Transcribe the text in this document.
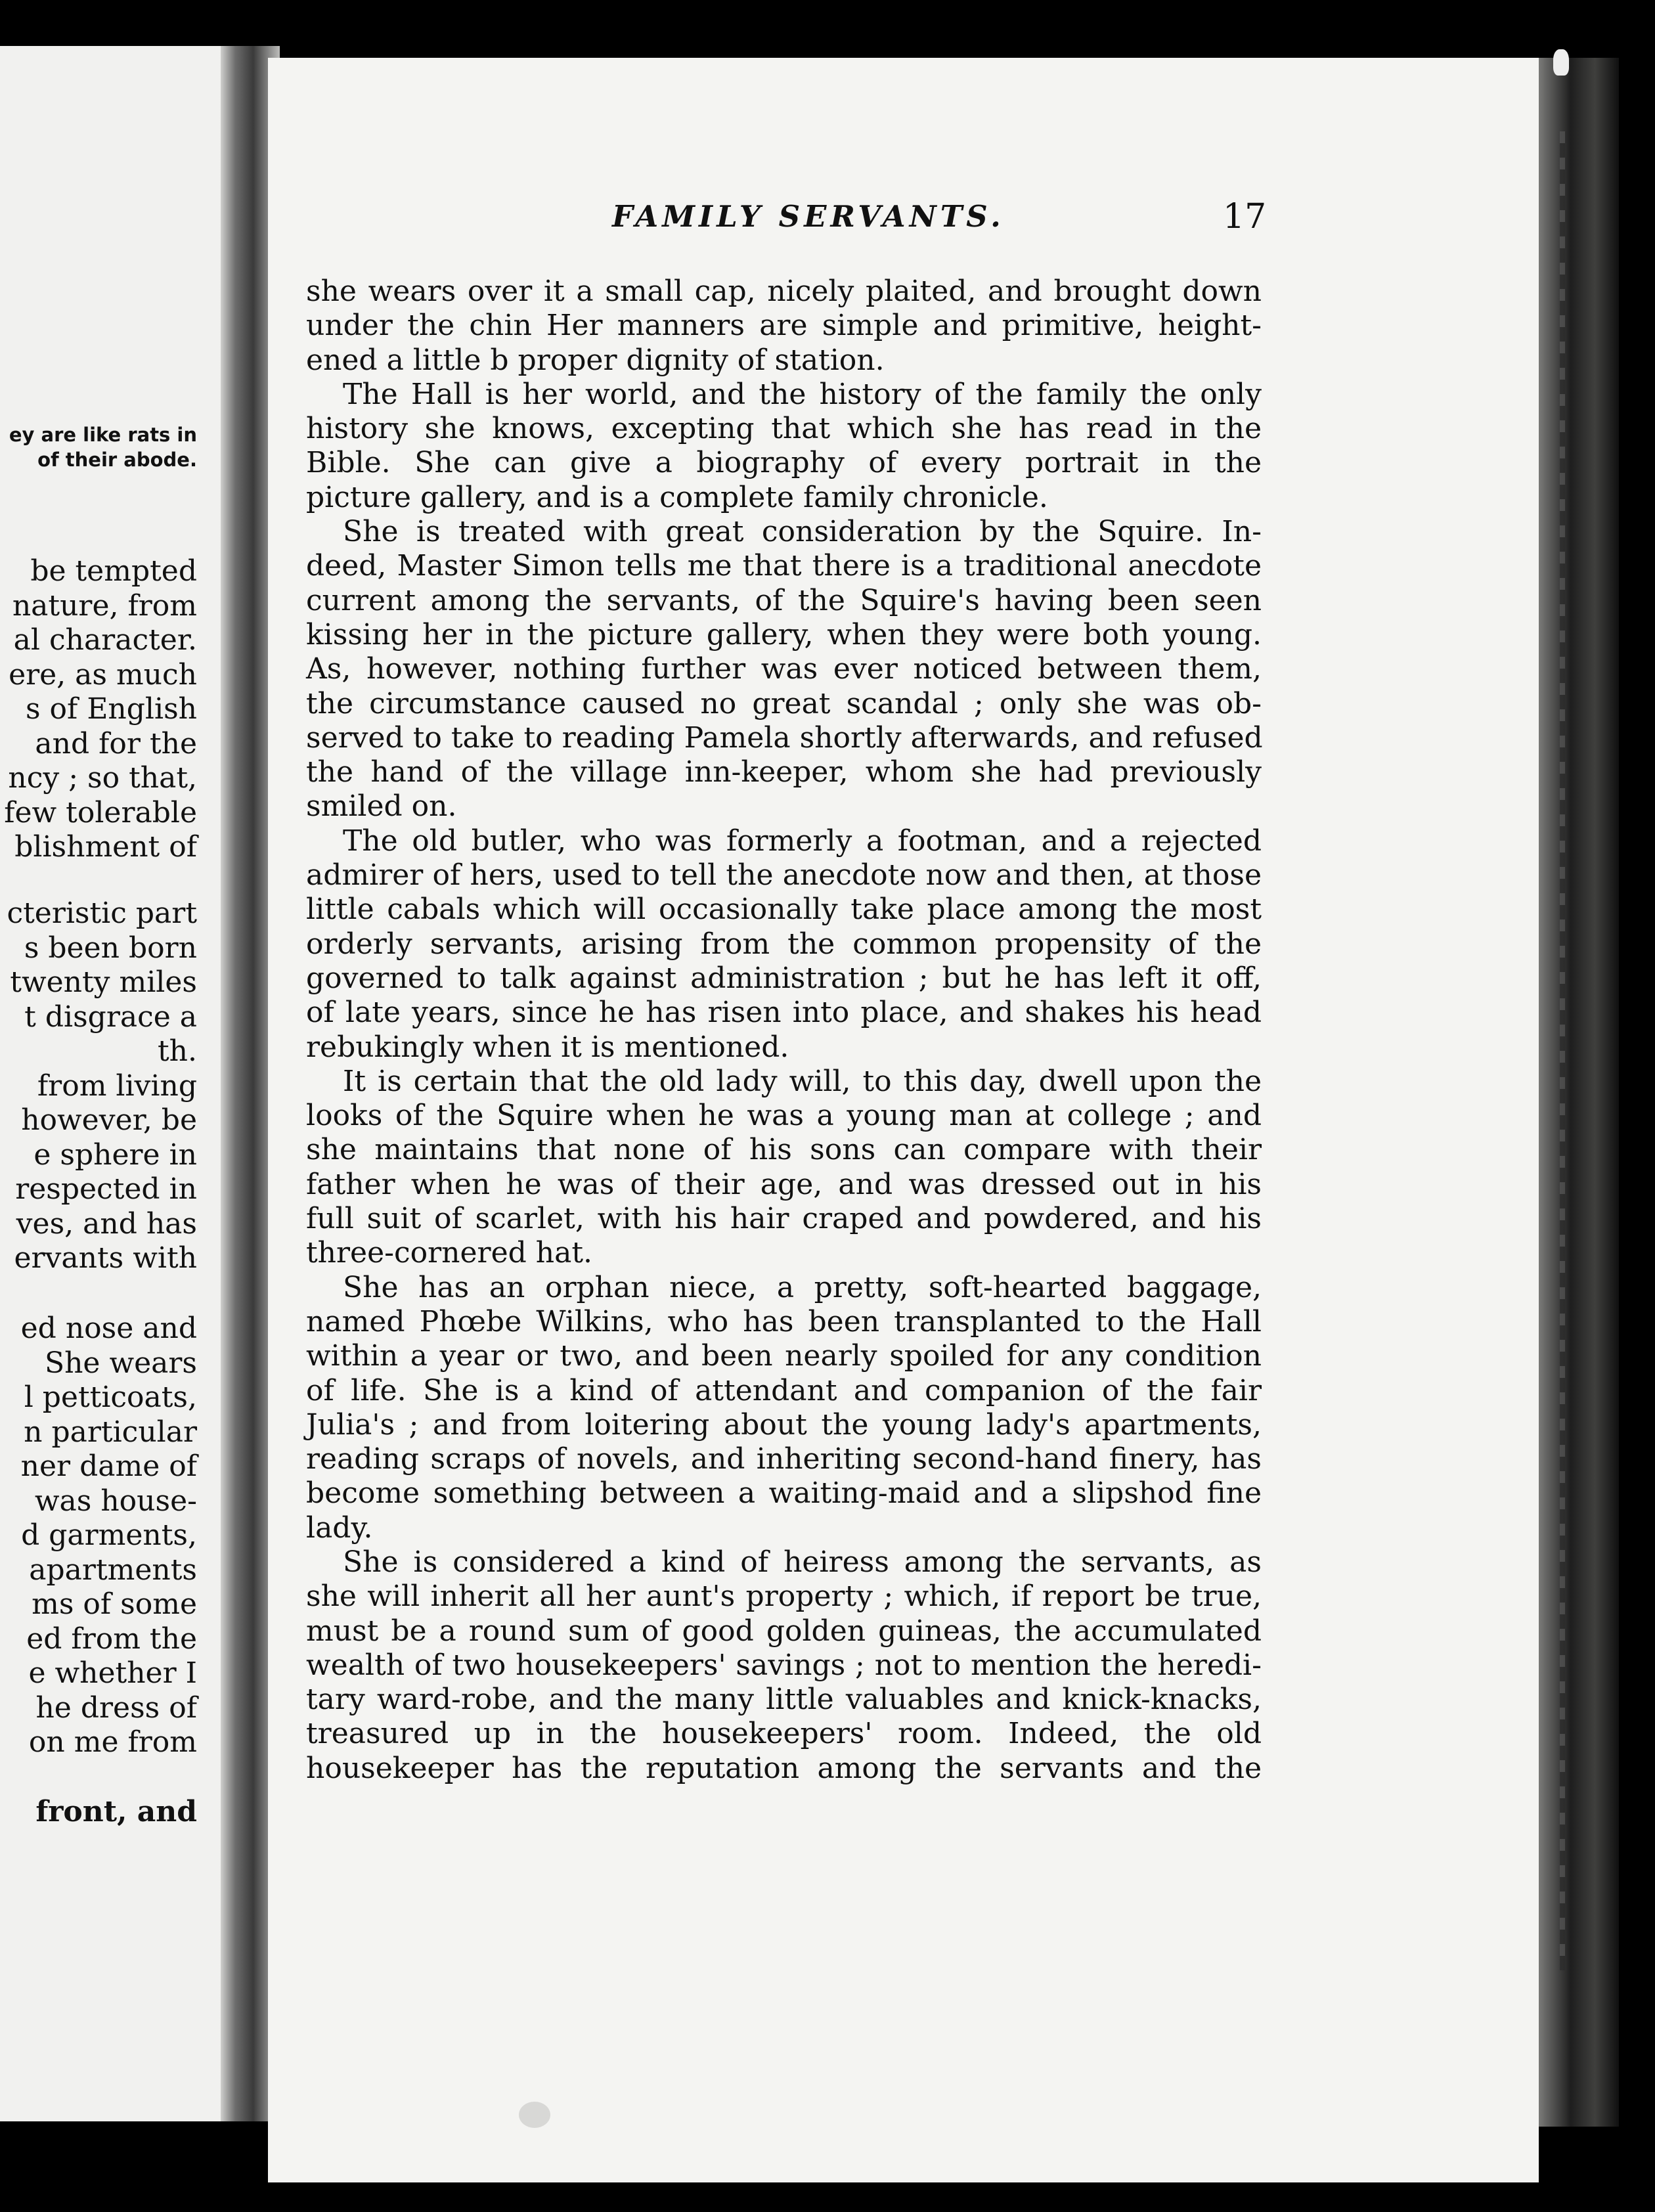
ey are like rats in
of their abode.
be tempted
nature, from
al character.
ere, as much
s of English
and for the
ncy ; so that,
few tolerable
blishment of
cteristic part
s been born
twenty miles
t disgrace a
th.
from living
however, be
e sphere in
respected in
ves, and has
ervants with
ed nose and
She wears
l petticoats,
n particular
ner dame of
was house-
d garments,
apartments
ms of some
ed from the
e whether I
he dress of
on me from
front, and
FAMILY SERVANTS.	17
she wears over it a small cap, nicely plaited, and brought down
under the chin Her manners are simple and primitive, height-
ened a little b proper dignity of station.
The Hall is her world, and the history of the family the only
history she knows, excepting that which she has read in the
Bible. She can give a biography of every portrait in the
picture gallery, and is a complete family chronicle.
She is treated with great consideration by the Squire. In-
deed, Master Simon tells me that there is a traditional anecdote
current among the servants, of the Squire's having been seen
kissing her in the picture gallery, when they were both young.
As, however, nothing further was ever noticed between them,
the circumstance caused no great scandal ; only she was ob-
served to take to reading Pamela shortly afterwards, and refused
the hand of the village inn-keeper, whom she had previously
smiled on.
The old butler, who was formerly a footman, and a rejected
admirer of hers, used to tell the anecdote now and then, at those
little cabals which will occasionally take place among the most
orderly servants, arising from the common propensity of the
governed to talk against administration ; but he has left it off,
of late years, since he has risen into place, and shakes his head
rebukingly when it is mentioned.
It is certain that the old lady will, to this day, dwell upon the
looks of the Squire when he was a young man at college ; and
she maintains that none of his sons can compare with their
father when he was of their age, and was dressed out in his
full suit of scarlet, with his hair craped and powdered, and his
three-cornered hat.
She has an orphan niece, a pretty, soft-hearted baggage,
named Phœbe Wilkins, who has been transplanted to the Hall
within a year or two, and been nearly spoiled for any condition
of life. She is a kind of attendant and companion of the fair
Julia's ; and from loitering about the young lady's apartments,
reading scraps of novels, and inheriting second-hand finery, has
become something between a waiting-maid and a slipshod fine
lady.
She is considered a kind of heiress among the servants, as
she will inherit all her aunt's property ; which, if report be true,
must be a round sum of good golden guineas, the accumulated
wealth of two housekeepers' savings ; not to mention the heredi-
tary ward-robe, and the many little valuables and knick-knacks,
treasured up in the housekeepers' room. Indeed, the old
housekeeper has the reputation among the servants and the
